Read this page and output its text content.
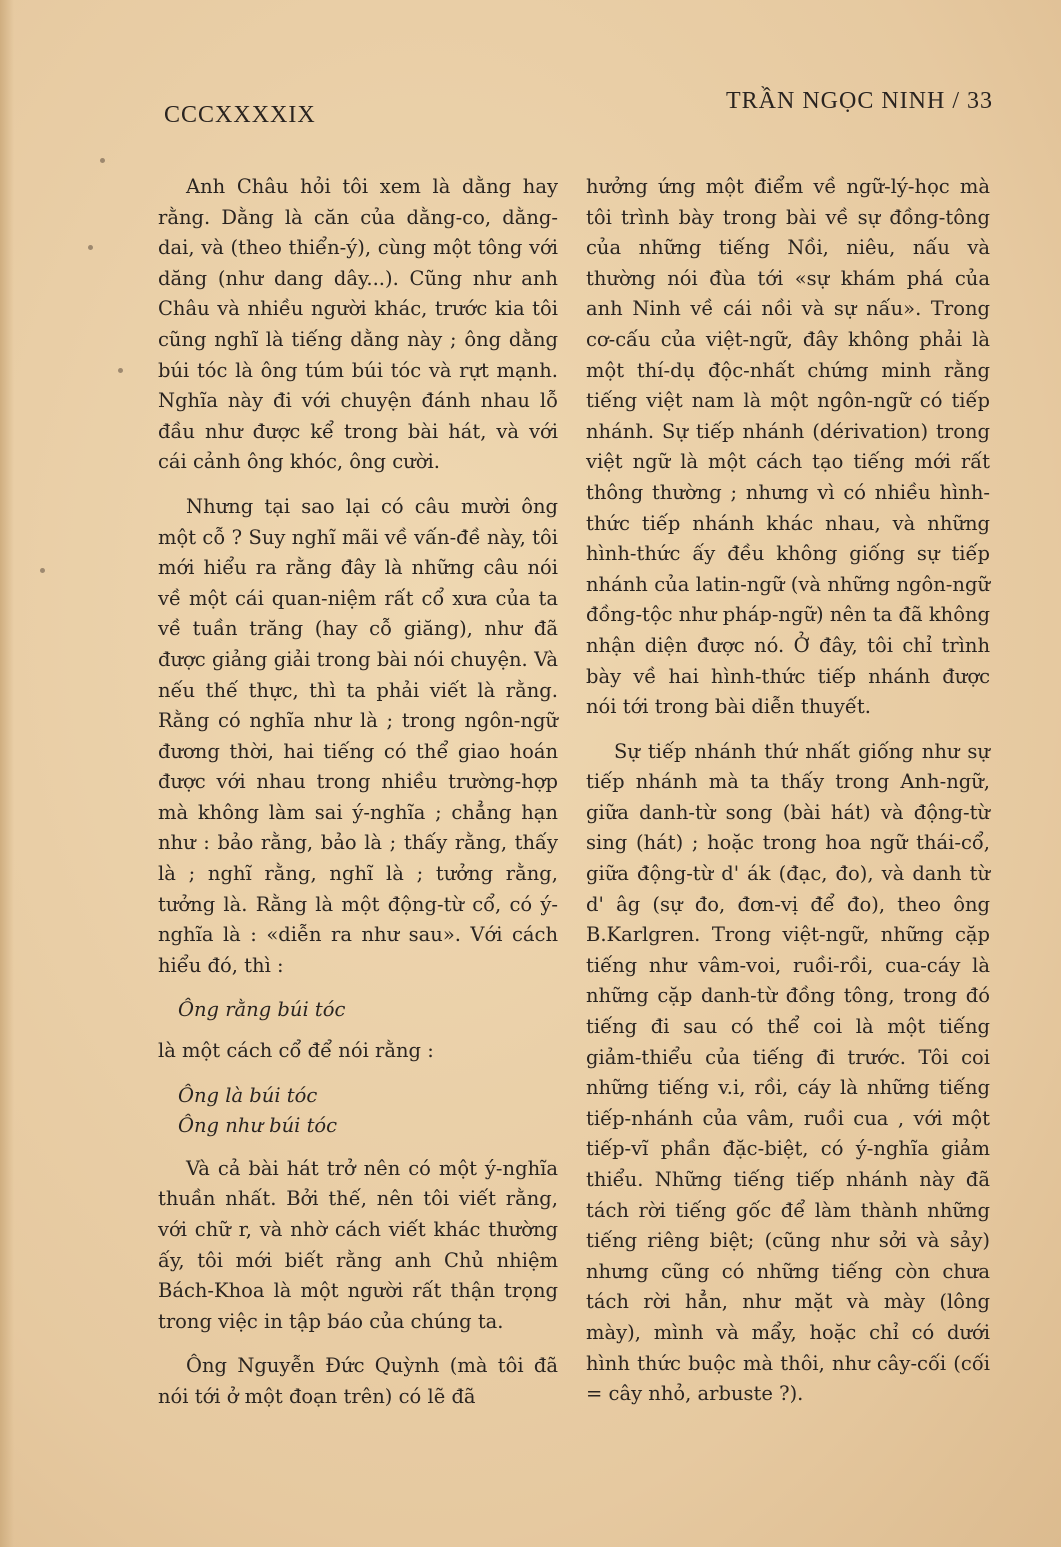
CCCXXXXIX
TRẦN NGỌC NINH / 33

Anh Châu hỏi tôi xem là dằng hay rằng. Dằng là căn của dằng-co, dằng-dai, và (theo thiển-ý), cùng một tông với dăng (như dang dây...). Cũng như anh Châu và nhiều người khác, trước kia tôi cũng nghĩ là tiếng dằng này ; ông dằng búi tóc là ông túm búi tóc và rựt mạnh. Nghĩa này đi với chuyện đánh nhau lỗ đầu như được kể trong bài hát, và với cái cảnh ông khóc, ông cười.

Nhưng tại sao lại có câu mười ông một cỗ ? Suy nghĩ mãi về vấn-đề này, tôi mới hiểu ra rằng đây là những câu nói về một cái quan-niệm rất cổ xưa của ta về tuần trăng (hay cỗ giăng), như đã được giảng giải trong bài nói chuyện. Và nếu thế thực, thì ta phải viết là rằng. Rằng có nghĩa như là ; trong ngôn-ngữ đương thời, hai tiếng có thể giao hoán được với nhau trong nhiều trường-hợp mà không làm sai ý-nghĩa ; chẳng hạn như : bảo rằng, bảo là ; thấy rằng, thấy là ; nghĩ rằng, nghĩ là ; tưởng rằng, tưởng là. Rằng là một động-từ cổ, có ý-nghĩa là : «diễn ra như sau». Với cách hiểu đó, thì :

Ông rằng búi tóc

là một cách cổ để nói rằng :

Ông là búi tóc

Ông như búi tóc

Và cả bài hát trở nên có một ý-nghĩa thuần nhất. Bởi thế, nên tôi viết rằng, với chữ r, và nhờ cách viết khác thường ấy, tôi mới biết rằng anh Chủ nhiệm Bách-Khoa là một người rất thận trọng trong việc in tập báo của chúng ta.

Ông Nguyễn Đức Quỳnh (mà tôi đã nói tới ở một đoạn trên) có lẽ đã

hưởng ứng một điểm về ngữ-lý-học mà tôi trình bày trong bài về sự đồng-tông của những tiếng Nồi, niêu, nấu và thường nói đùa tới «sự khám phá của anh Ninh về cái nồi và sự nấu». Trong cơ-cấu của việt-ngữ, đây không phải là một thí-dụ độc-nhất chứng minh rằng tiếng việt nam là một ngôn-ngữ có tiếp nhánh. Sự tiếp nhánh (dérivation) trong việt ngữ là một cách tạo tiếng mới rất thông thường ; nhưng vì có nhiều hình-thức tiếp nhánh khác nhau, và những hình-thức ấy đều không giống sự tiếp nhánh của latin-ngữ (và những ngôn-ngữ đồng-tộc như pháp-ngữ) nên ta đã không nhận diện được nó. Ở đây, tôi chỉ trình bày về hai hình-thức tiếp nhánh được nói tới trong bài diễn thuyết.

Sự tiếp nhánh thứ nhất giống như sự tiếp nhánh mà ta thấy trong Anh-ngữ, giữa danh-từ song (bài hát) và động-từ sing (hát) ; hoặc trong hoa ngữ thái-cổ, giữa động-từ d' ák (đạc, đo), và danh từ d' âg (sự đo, đơn-vị để đo), theo ông B.Karlgren. Trong việt-ngữ, những cặp tiếng như vâm-voi, ruồi-rồi, cua-cáy là những cặp danh-từ đồng tông, trong đó tiếng đi sau có thể coi là một tiếng giảm-thiểu của tiếng đi trước. Tôi coi những tiếng v.i, rồi, cáy là những tiếng tiếp-nhánh của vâm, ruồi cua , với một tiếp-vĩ phần đặc-biệt, có ý-nghĩa giảm thiểu. Những tiếng tiếp nhánh này đã tách rời tiếng gốc để làm thành những tiếng riêng biệt; (cũng như sởi và sảy) nhưng cũng có những tiếng còn chưa tách rời hẳn, như mặt và mày (lông mày), mình và mẩy, hoặc chỉ có dưới hình thức buộc mà thôi, như cây-cối (cối = cây nhỏ, arbuste ?).
